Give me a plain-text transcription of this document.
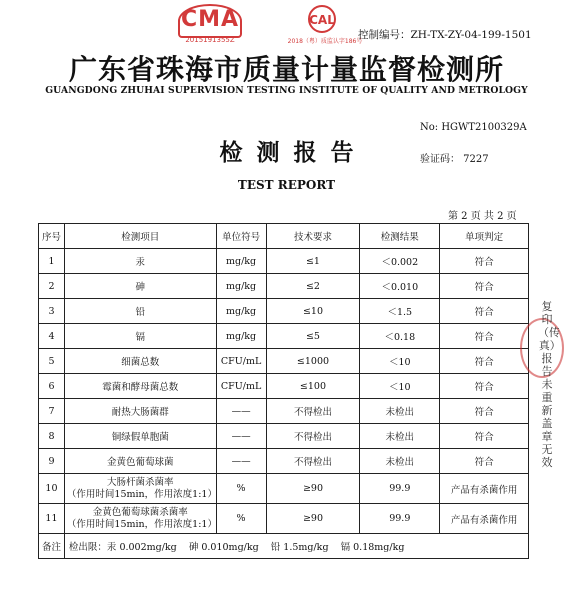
CMA
2015191355Z
CAL
2018（粤）质监认字186号
控制编号：ZH-TX-ZY-04-199-1501
广东省珠海市质量计量监督检测所
GUANGDONG ZHUHAI SUPERVISION TESTING INSTITUTE OF QUALITY AND METROLOGY
No: HGWT2100329A
检测报告	验证码： 7227
TEST REPORT
第 2 页 共 2 页
序号	检测项目	单位符号	技术要求	检测结果	单项判定
1	汞	mg/kg	≤1	＜0.002	符合
2	砷	mg/kg	≤2	＜0.010	符合
3	铅	mg/kg	≤10	＜1.5	符合
4	镉	mg/kg	≤5	＜0.18	符合
5	细菌总数	CFU/mL	≤1000	＜10	符合
6	霉菌和酵母菌总数	CFU/mL	≤100	＜10	符合
7	耐热大肠菌群	——	不得检出	未检出	符合
8	铜绿假单胞菌	——	不得检出	未检出	符合
9	金黄色葡萄球菌	——	不得检出	未检出	符合
10	大肠杆菌杀菌率
（作用时间15min，作用浓度1:1）	%	≥90	99.9	产品有杀菌作用
11	金黄色葡萄球菌杀菌率
（作用时间15min，作用浓度1:1）	%	≥90	99.9	产品有杀菌作用
备注	检出限：汞 0.002mg/kg    砷 0.010mg/kg    铅 1.5mg/kg    镉 0.18mg/kg				
复印（传真）报告未重新盖章无效
